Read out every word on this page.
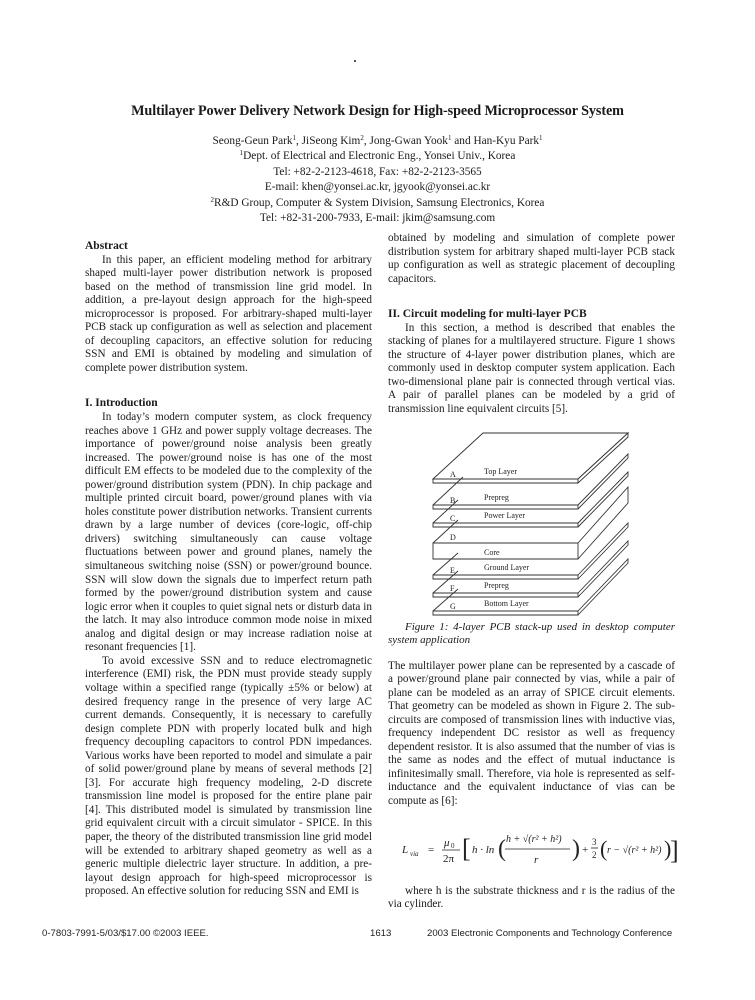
Multilayer Power Delivery Network Design for High-speed Microprocessor System
Seong-Geun Park$^1$, JiSeong Kim$^2$, Jong-Gwan Yook$^1$ and Han-Kyu Park$^1$
$^1$Dept. of Electrical and Electronic Eng., Yonsei Univ., Korea
Tel: +82-2-2123-4618, Fax: +82-2-2123-3565
E-mail: khen@yonsei.ac.kr, jgyook@yonsei.ac.kr
$^2$R&D Group, Computer & System Division, Samsung Electronics, Korea
Tel: +82-31-200-7933, E-mail: jkim@samsung.com
Abstract

In this paper, an efficient modeling method for arbitrary shaped multi-layer power distribution network is proposed based on the method of transmission line grid model. In addition, a pre-layout design approach for the high-speed microprocessor is proposed. For arbitrary-shaped multi-layer PCB stack up configuration as well as selection and placement of decoupling capacitors, an effective solution for reducing SSN and EMI is obtained by modeling and simulation of complete power distribution system.

I. Introduction

In today’s modern computer system, as clock frequency reaches above 1 GHz and power supply voltage decreases. The importance of power/ground noise analysis been greatly increased. The power/ground noise is has one of the most difficult EM effects to be modeled due to the complexity of the power/ground distribution system (PDN). In chip package and multiple printed circuit board, power/ground planes with via holes constitute power distribution networks. Transient currents drawn by a large number of devices (core-logic, off-chip drivers) switching simultaneously can cause voltage fluctuations between power and ground planes, namely the simultaneous switching noise (SSN) or power/ground bounce. SSN will slow down the signals due to imperfect return path formed by the power/ground distribution system and cause logic error when it couples to quiet signal nets or disturb data in the latch. It may also introduce common mode noise in mixed analog and digital design or may increase radiation noise at resonant frequencies [1].

To avoid excessive SSN and to reduce electromagnetic interference (EMI) risk, the PDN must provide steady supply voltage within a specified range (typically ±5% or below) at desired frequency range in the presence of very large AC current demands. Consequently, it is necessary to carefully design complete PDN with properly located bulk and high frequency decoupling capacitors to control PDN impedances. Various works have been reported to model and simulate a pair of solid power/ground plane by means of several methods [2][3]. For accurate high frequency modeling, 2-D discrete transmission line model is proposed for the entire plane pair [4]. This distributed model is simulated by transmission line grid equivalent circuit with a circuit simulator - SPICE. In this paper, the theory of the distributed transmission line grid model will be extended to arbitrary shaped geometry as well as a generic multiple dielectric layer structure. In addition, a pre-layout design approach for high-speed microprocessor is proposed. An effective solution for reducing SSN and EMI is

obtained by modeling and simulation of complete power distribution system for arbitrary shaped multi-layer PCB stack up configuration as well as strategic placement of decoupling capacitors.

II. Circuit modeling for multi-layer PCB

In this section, a method is described that enables the stacking of planes for a multilayered structure. Figure 1 shows the structure of 4-layer power distribution planes, which are commonly used in desktop computer system application. Each two-dimensional plane pair is connected through vertical vias. A pair of parallel planes can be modeled by a grid of transmission line equivalent circuits [5].

A	Top Layer
B	Prepreg
C	Power Layer
D
Core
E	Ground Layer
F	Prepreg
G	Bottom Layer
Figure 1: 4-layer PCB stack-up used in desktop computer system application

The multilayer power plane can be represented by a cascade of a power/ground plane pair connected by vias, while a pair of plane can be modeled as an array of SPICE circuit elements. That geometry can be modeled as shown in Figure 2. The sub-circuits are composed of transmission lines with inductive vias, frequency independent DC resistor as well as frequency dependent resistor. It is also assumed that the number of vias is the same as nodes and the effect of mutual inductance is infinitesimally small. Therefore, via hole is represented as self- inductance and the equivalent inductance of vias can be compute as [6]:

L via =
μ 0
2π [ h · ln ( h + √(r² + h²)
r ) +
3
2 ( r − √(r² + h²) )
]

where h is the substrate thickness and r is the radius of the via cylinder.

0-7803-7991-5/03/$17.00 ©2003 IEEE.	1613	2003 Electronic Components and Technology Conference
